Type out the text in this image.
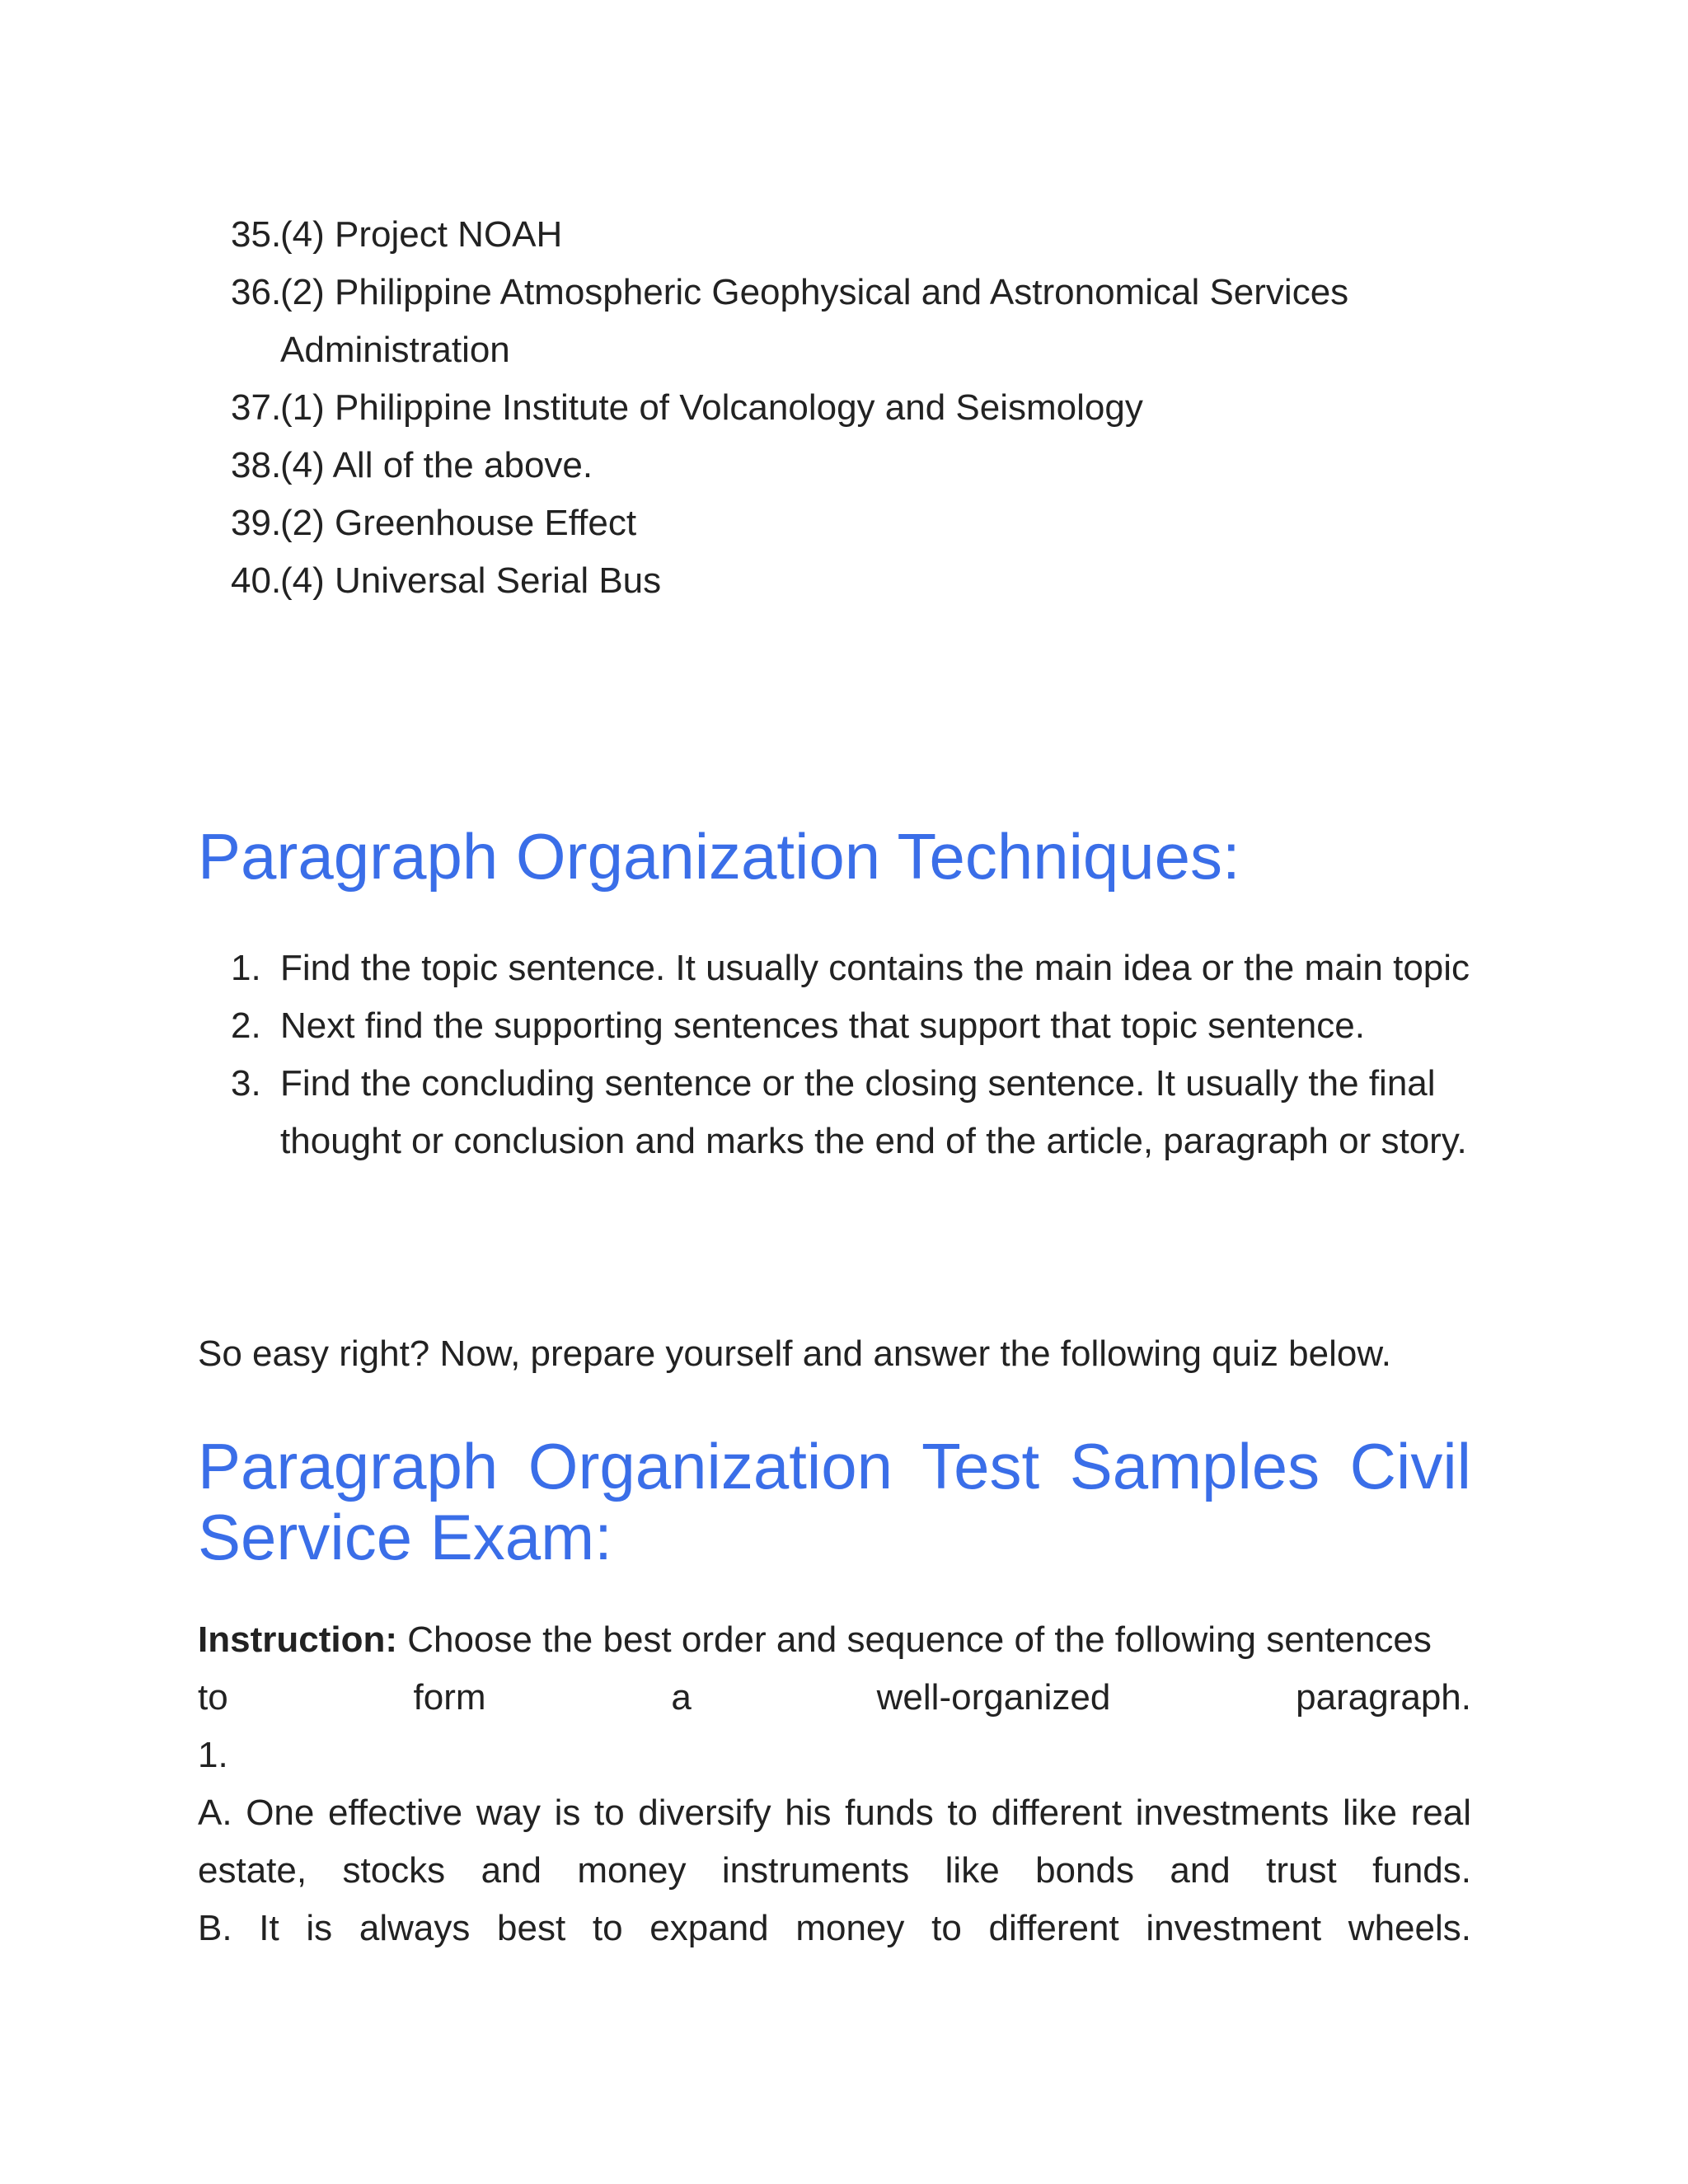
35.
(4) Project NOAH
36.
(2) Philippine Atmospheric Geophysical and Astronomical Services Administration
37.
(1) Philippine Institute of Volcanology and Seismology
38.
(4) All of the above.
39.
(2) Greenhouse Effect
40.
(4) Universal Serial Bus
Paragraph Organization Techniques:
1. Find the topic sentence. It usually contains the main idea or the main topic
2. Next find the supporting sentences that support that topic sentence.
3. Find the concluding sentence or the closing sentence. It usually the final thought or conclusion and marks the end of the article, paragraph or story.

So easy right? Now, prepare yourself and answer the following quiz below.

Paragraph Organization Test Samples Civil Service Exam:
Instruction: Choose the best order and sequence of the following sentences
to form a well-organized paragraph.
1.
A. One effective way is to diversify his funds to different investments like real
estate, stocks and money instruments like bonds and trust funds.
B. It is always best to expand money to different investment wheels.
